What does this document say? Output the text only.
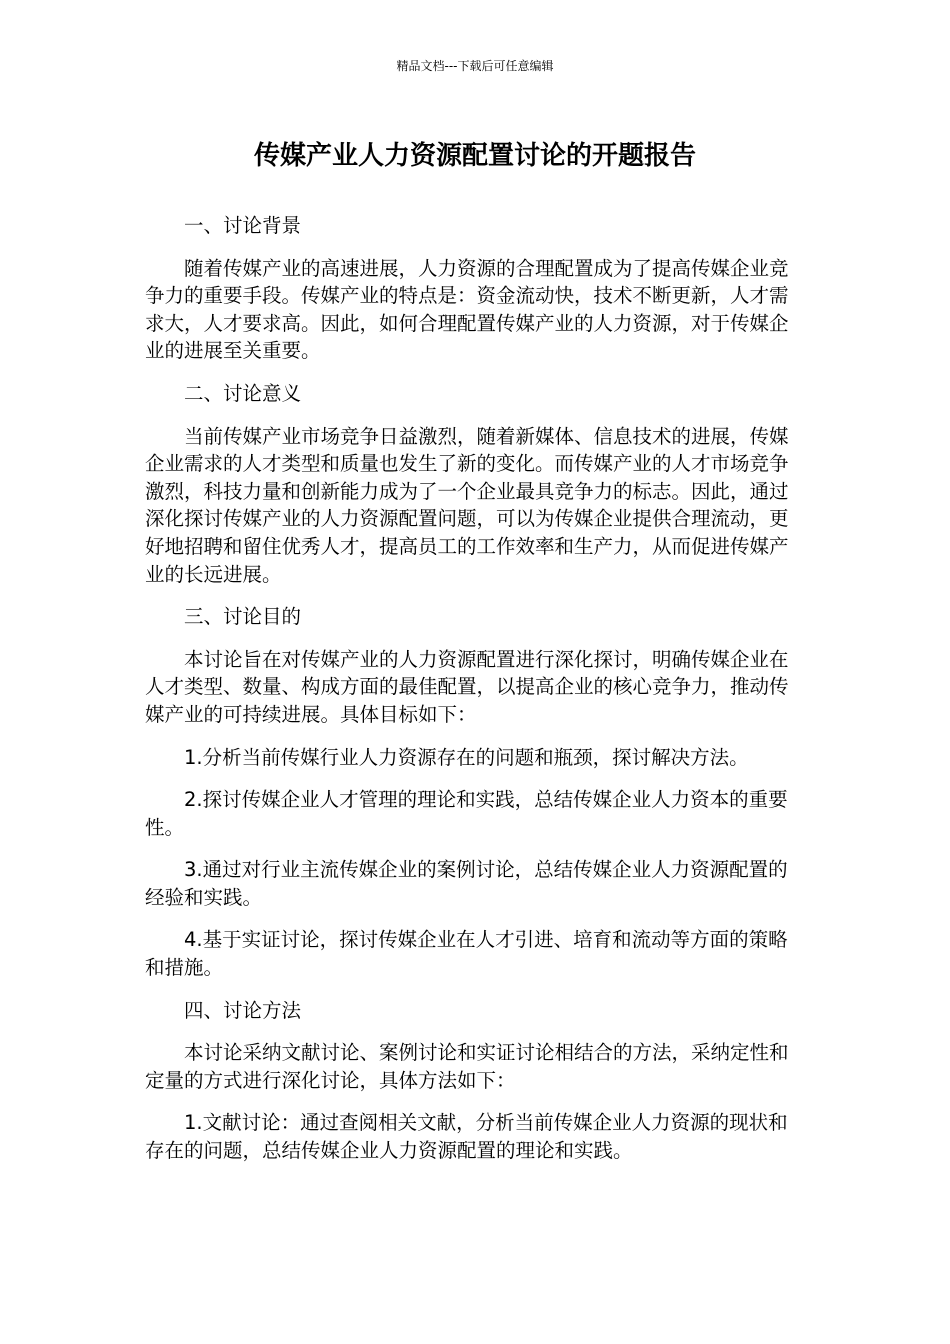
精品文档---下载后可任意编辑
传媒产业人力资源配置讨论的开题报告
一、讨论背景

随着传媒产业的高速进展，人力资源的合理配置成为了提高传媒企业竞争力的重要手段。传媒产业的特点是：资金流动快，技术不断更新，人才需求大，人才要求高。因此，如何合理配置传媒产业的人力资源，对于传媒企业的进展至关重要。

二、讨论意义

当前传媒产业市场竞争日益激烈，随着新媒体、信息技术的进展，传媒企业需求的人才类型和质量也发生了新的变化。而传媒产业的人才市场竞争激烈，科技力量和创新能力成为了一个企业最具竞争力的标志。因此，通过深化探讨传媒产业的人力资源配置问题，可以为传媒企业提供合理流动，更好地招聘和留住优秀人才，提高员工的工作效率和生产力，从而促进传媒产业的长远进展。

三、讨论目的

本讨论旨在对传媒产业的人力资源配置进行深化探讨，明确传媒企业在人才类型、数量、构成方面的最佳配置，以提高企业的核心竞争力，推动传媒产业的可持续进展。具体目标如下：

1.分析当前传媒行业人力资源存在的问题和瓶颈，探讨解决方法。

2.探讨传媒企业人才管理的理论和实践，总结传媒企业人力资本的重要性。

3.通过对行业主流传媒企业的案例讨论，总结传媒企业人力资源配置的经验和实践。

4.基于实证讨论，探讨传媒企业在人才引进、培育和流动等方面的策略和措施。

四、讨论方法

本讨论采纳文献讨论、案例讨论和实证讨论相结合的方法，采纳定性和定量的方式进行深化讨论，具体方法如下：

1.文献讨论：通过查阅相关文献，分析当前传媒企业人力资源的现状和存在的问题，总结传媒企业人力资源配置的理论和实践。
